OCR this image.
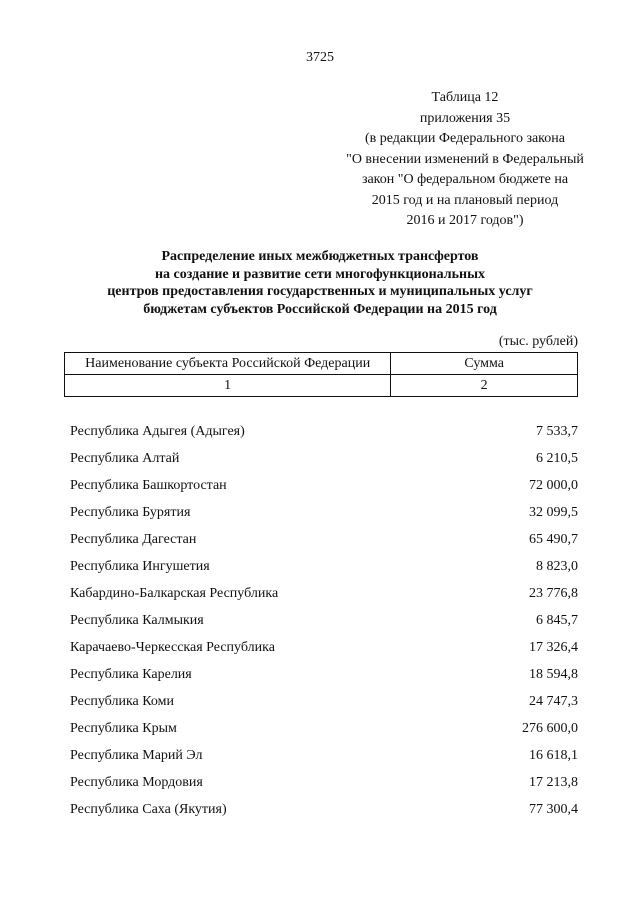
3725
Таблица 12
приложения 35
(в редакции Федерального закона
"О внесении изменений в Федеральный
закон "О федеральном бюджете на
2015 год и на плановый период
2016 и 2017 годов")
Распределение иных межбюджетных трансфертов
на создание и развитие сети многофункциональных
центров предоставления государственных и муниципальных услуг
бюджетам субъектов Российской Федерации на 2015 год
(тыс. рублей)
Наименование субъекта Российской Федерации	Сумма
1	2
Республика Адыгея (Адыгея)	7 533,7
Республика Алтай	6 210,5
Республика Башкортостан	72 000,0
Республика Бурятия	32 099,5
Республика Дагестан	65 490,7
Республика Ингушетия	8 823,0
Кабардино-Балкарская Республика	23 776,8
Республика Калмыкия	6 845,7
Карачаево-Черкесская Республика	17 326,4
Республика Карелия	18 594,8
Республика Коми	24 747,3
Республика Крым	276 600,0
Республика Марий Эл	16 618,1
Республика Мордовия	17 213,8
Республика Саха (Якутия)	77 300,4
